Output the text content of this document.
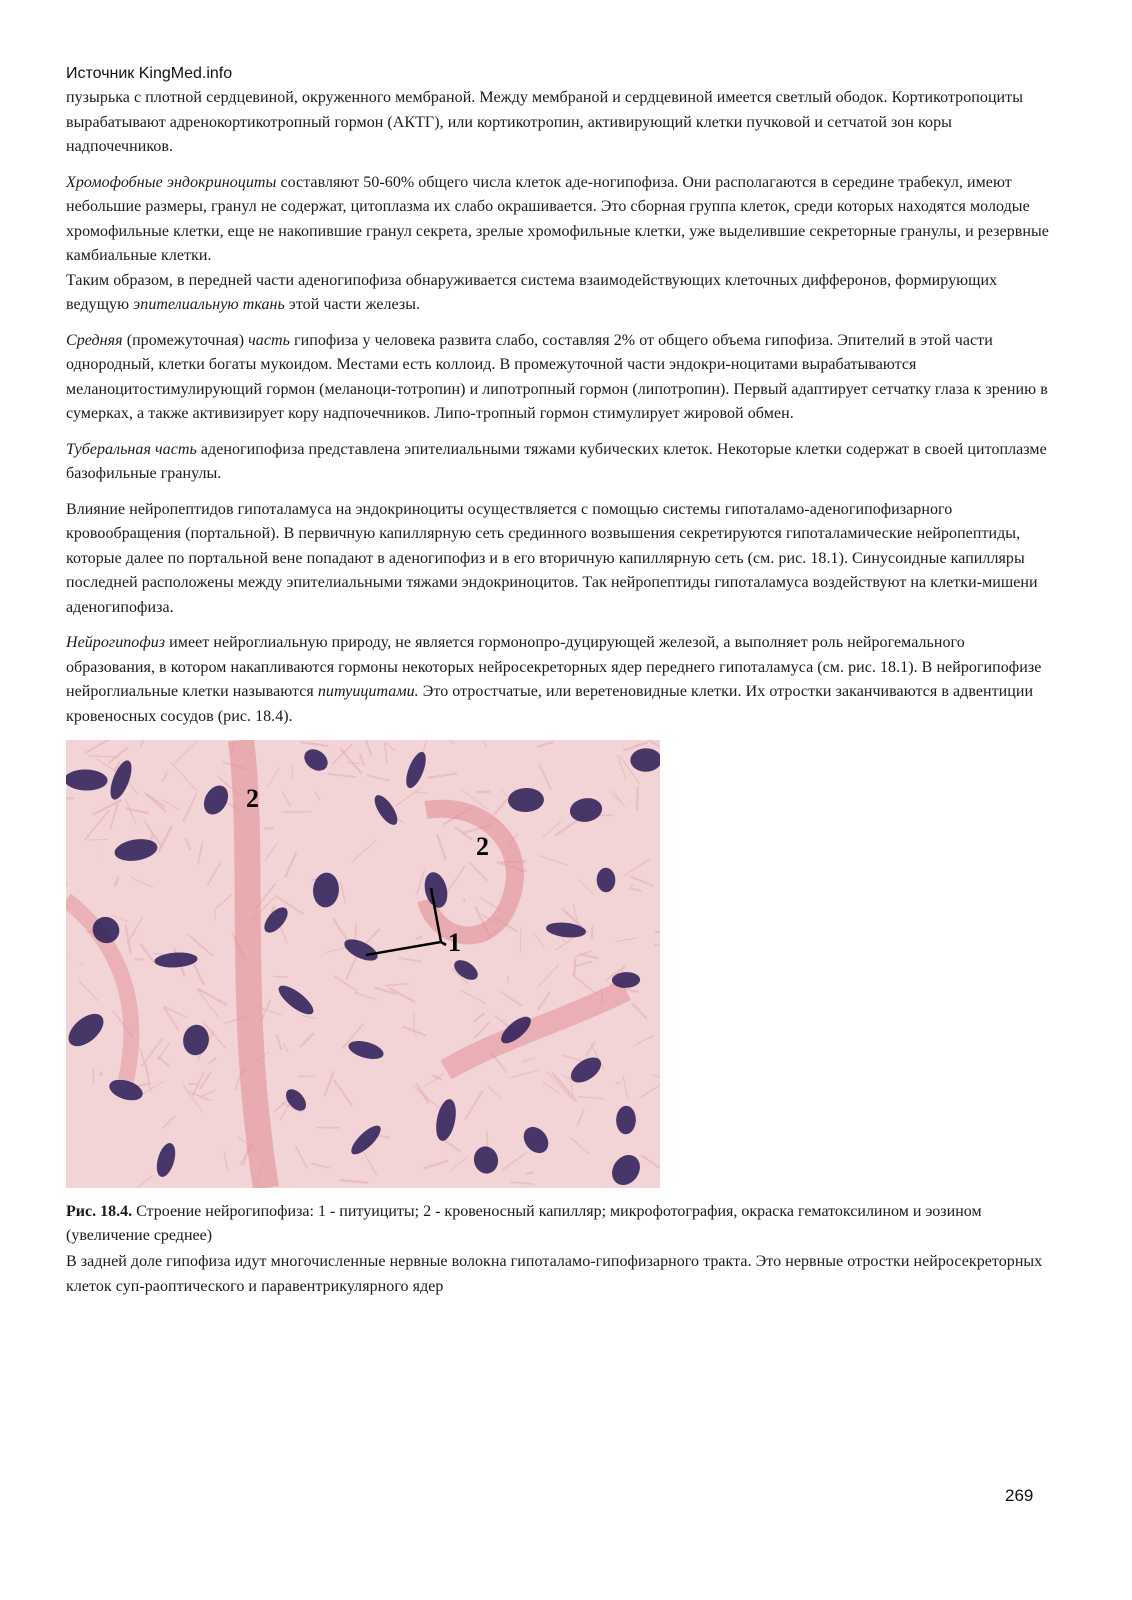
Источник KingMed.info

пузырька с плотной сердцевиной, окруженного мембраной. Между мембраной и сердцевиной имеется светлый ободок. Кортикотропоциты вырабатывают адренокортикотропный гормон (АКТГ), или кортикотропин, активирующий клетки пучковой и сетчатой зон коры надпочечников.

Хромофобные эндокриноциты составляют 50-60% общего числа клеток аде-ногипофиза. Они располагаются в середине трабекул, имеют небольшие размеры, гранул не содержат, цитоплазма их слабо окрашивается. Это сборная группа клеток, среди которых находятся молодые хромофильные клетки, еще не накопившие гранул секрета, зрелые хромофильные клетки, уже выделившие секреторные гранулы, и резервные камбиальные клетки.

Таким образом, в передней части аденогипофиза обнаруживается система взаимодействующих клеточных дифферонов, формирующих ведущую эпителиальную ткань этой части железы.

Средняя (промежуточная) часть гипофиза у человека развита слабо, составляя 2% от общего объема гипофиза. Эпителий в этой части однородный, клетки богаты мукоидом. Местами есть коллоид. В промежуточной части эндокри-ноцитами вырабатываются меланоцитостимулирующий гормон (меланоци-тотропин) и липотропный гормон (липотропин). Первый адаптирует сетчатку глаза к зрению в сумерках, а также активизирует кору надпочечников. Липо-тропный гормон стимулирует жировой обмен.

Туберальная часть аденогипофиза представлена эпителиальными тяжами кубических клеток. Некоторые клетки содержат в своей цитоплазме базофильные гранулы.

Влияние нейропептидов гипоталамуса на эндокриноциты осуществляется с помощью системы гипоталамо-аденогипофизарного кровообращения (портальной). В первичную капиллярную сеть срединного возвышения секретируются гипоталамические нейропептиды, которые далее по портальной вене попадают в аденогипофиз и в его вторичную капиллярную сеть (см. рис. 18.1). Синусоидные капилляры последней расположены между эпителиальными тяжами эндокриноцитов. Так нейропептиды гипоталамуса воздействуют на клетки-мишени аденогипофиза.

Нейрогипофиз имеет нейроглиальную природу, не является гормонопро-дуцирующей железой, а выполняет роль нейрогемального образования, в котором накапливаются гормоны некоторых нейросекреторных ядер переднего гипоталамуса (см. рис. 18.1). В нейрогипофизе нейроглиальные клетки называются питуицитами. Это отростчатые, или веретеновидные клетки. Их отростки заканчиваются в адвентиции кровеносных сосудов (рис. 18.4).

2
2
1

Рис. 18.4. Строение нейрогипофиза: 1 - питуициты; 2 - кровеносный капилляр; микрофотография, окраска гематоксилином и эозином (увеличение среднее)

В задней доле гипофиза идут многочисленные нервные волокна гипоталамо-гипофизарного тракта. Это нервные отростки нейросекреторных клеток суп-раоптического и паравентрикулярного ядер

269
